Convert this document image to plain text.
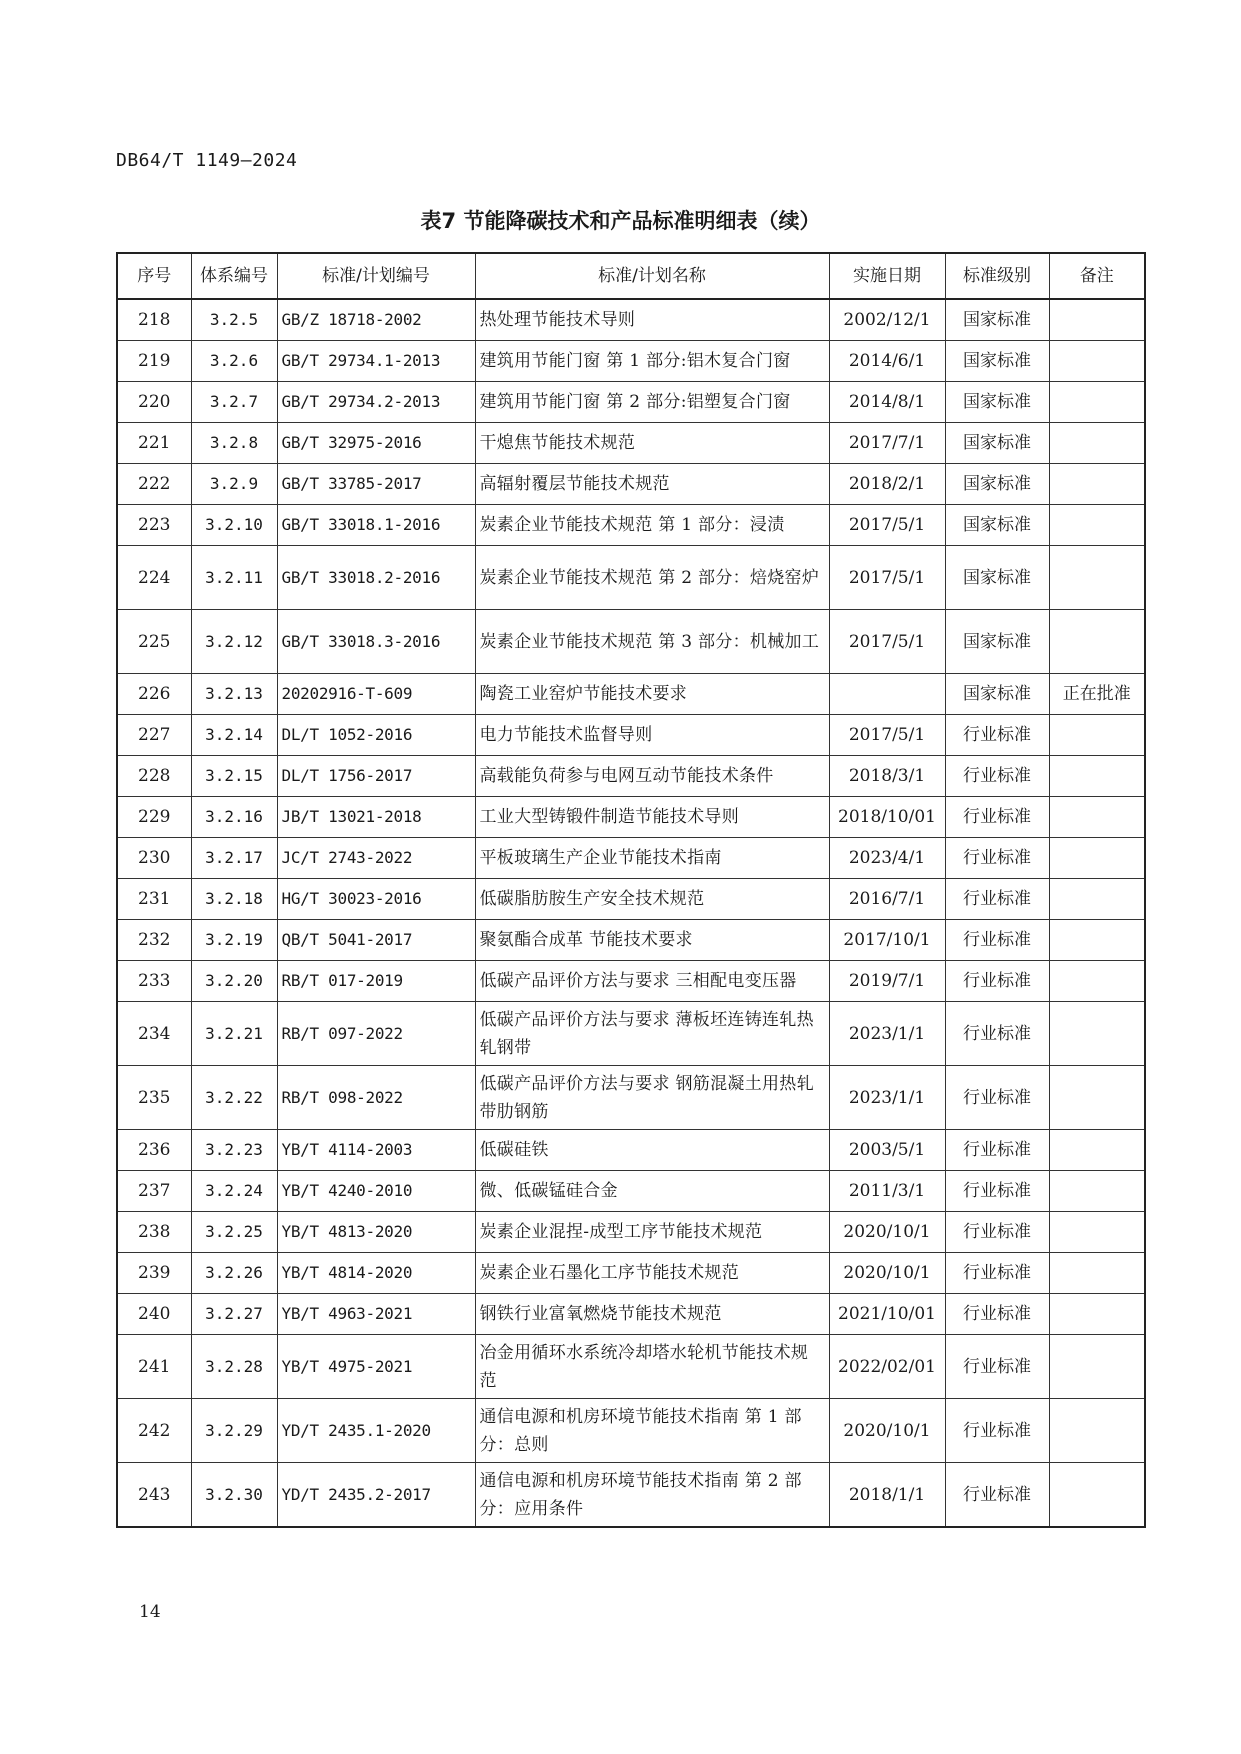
DB64/T 1149—2024
表7 节能降碳技术和产品标准明细表（续）
序号	体系编号	标准/计划编号	标准/计划名称	实施日期	标准级别	备注
218	3.2.5	GB/Z 18718-2002	热处理节能技术导则	2002/12/1	国家标准	
219	3.2.6	GB/T 29734.1-2013	建筑用节能门窗 第 1 部分:铝木复合门窗	2014/6/1	国家标准	
220	3.2.7	GB/T 29734.2-2013	建筑用节能门窗 第 2 部分:铝塑复合门窗	2014/8/1	国家标准	
221	3.2.8	GB/T 32975-2016	干熄焦节能技术规范	2017/7/1	国家标准	
222	3.2.9	GB/T 33785-2017	高辐射覆层节能技术规范	2018/2/1	国家标准	
223	3.2.10	GB/T 33018.1-2016	炭素企业节能技术规范 第 1 部分：浸渍	2017/5/1	国家标准	
224	3.2.11	GB/T 33018.2-2016	炭素企业节能技术规范 第 2 部分：焙烧窑炉	2017/5/1	国家标准	
225	3.2.12	GB/T 33018.3-2016	炭素企业节能技术规范 第 3 部分：机械加工	2017/5/1	国家标准	
226	3.2.13	20202916-T-609	陶瓷工业窑炉节能技术要求		国家标准	正在批准
227	3.2.14	DL/T 1052-2016	电力节能技术监督导则	2017/5/1	行业标准	
228	3.2.15	DL/T 1756-2017	高载能负荷参与电网互动节能技术条件	2018/3/1	行业标准	
229	3.2.16	JB/T 13021-2018	工业大型铸锻件制造节能技术导则	2018/10/01	行业标准	
230	3.2.17	JC/T 2743-2022	平板玻璃生产企业节能技术指南	2023/4/1	行业标准	
231	3.2.18	HG/T 30023-2016	低碳脂肪胺生产安全技术规范	2016/7/1	行业标准	
232	3.2.19	QB/T 5041-2017	聚氨酯合成革 节能技术要求	2017/10/1	行业标准	
233	3.2.20	RB/T 017-2019	低碳产品评价方法与要求 三相配电变压器	2019/7/1	行业标准	
234	3.2.21	RB/T 097-2022	低碳产品评价方法与要求 薄板坯连铸连轧热轧钢带	2023/1/1	行业标准	
235	3.2.22	RB/T 098-2022	低碳产品评价方法与要求 钢筋混凝土用热轧带肋钢筋	2023/1/1	行业标准	
236	3.2.23	YB/T 4114-2003	低碳硅铁	2003/5/1	行业标准	
237	3.2.24	YB/T 4240-2010	微、低碳锰硅合金	2011/3/1	行业标准	
238	3.2.25	YB/T 4813-2020	炭素企业混捏-成型工序节能技术规范	2020/10/1	行业标准	
239	3.2.26	YB/T 4814-2020	炭素企业石墨化工序节能技术规范	2020/10/1	行业标准	
240	3.2.27	YB/T 4963-2021	钢铁行业富氧燃烧节能技术规范	2021/10/01	行业标准	
241	3.2.28	YB/T 4975-2021	冶金用循环水系统冷却塔水轮机节能技术规范	2022/02/01	行业标准	
242	3.2.29	YD/T 2435.1-2020	通信电源和机房环境节能技术指南 第 1 部分：总则	2020/10/1	行业标准	
243	3.2.30	YD/T 2435.2-2017	通信电源和机房环境节能技术指南 第 2 部分：应用条件	2018/1/1	行业标准	
14
